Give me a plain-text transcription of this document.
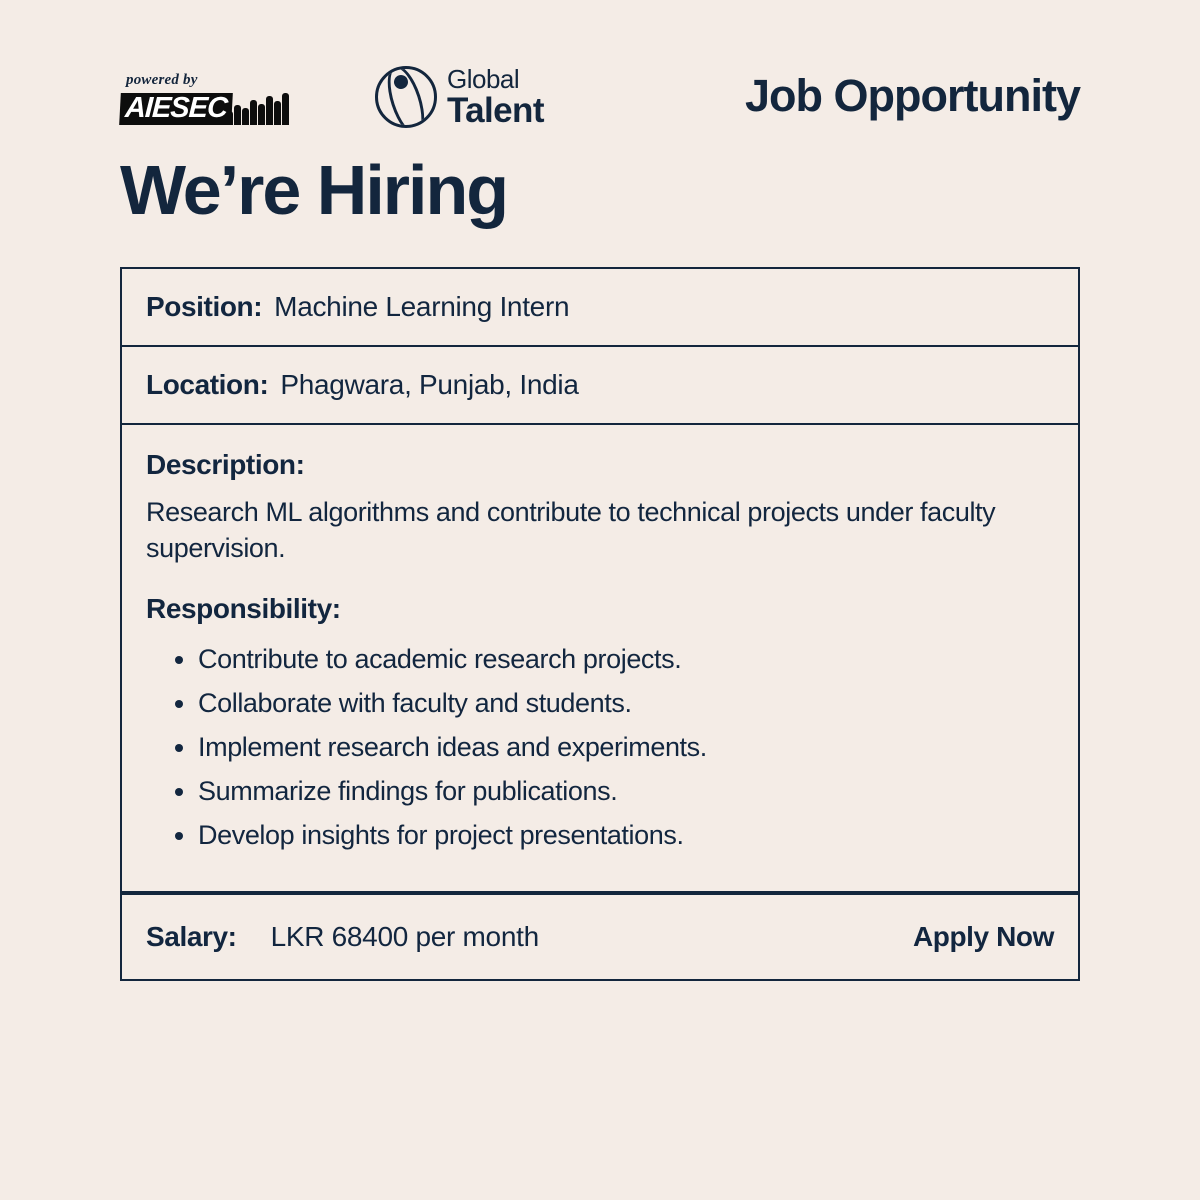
powered by
AIESEC
Global
Talent	Job Opportunity
We’re Hiring
Position: Machine Learning Intern
Location: Phagwara, Punjab, India
Description:
Research ML algorithms and contribute to technical projects under faculty supervision.
Responsibility:
• Contribute to academic research projects.
• Collaborate with faculty and students.
• Implement research ideas and experiments.
• Summarize findings for publications.
• Develop insights for project presentations.
Salary: LKR 68400 per month	Apply Now
